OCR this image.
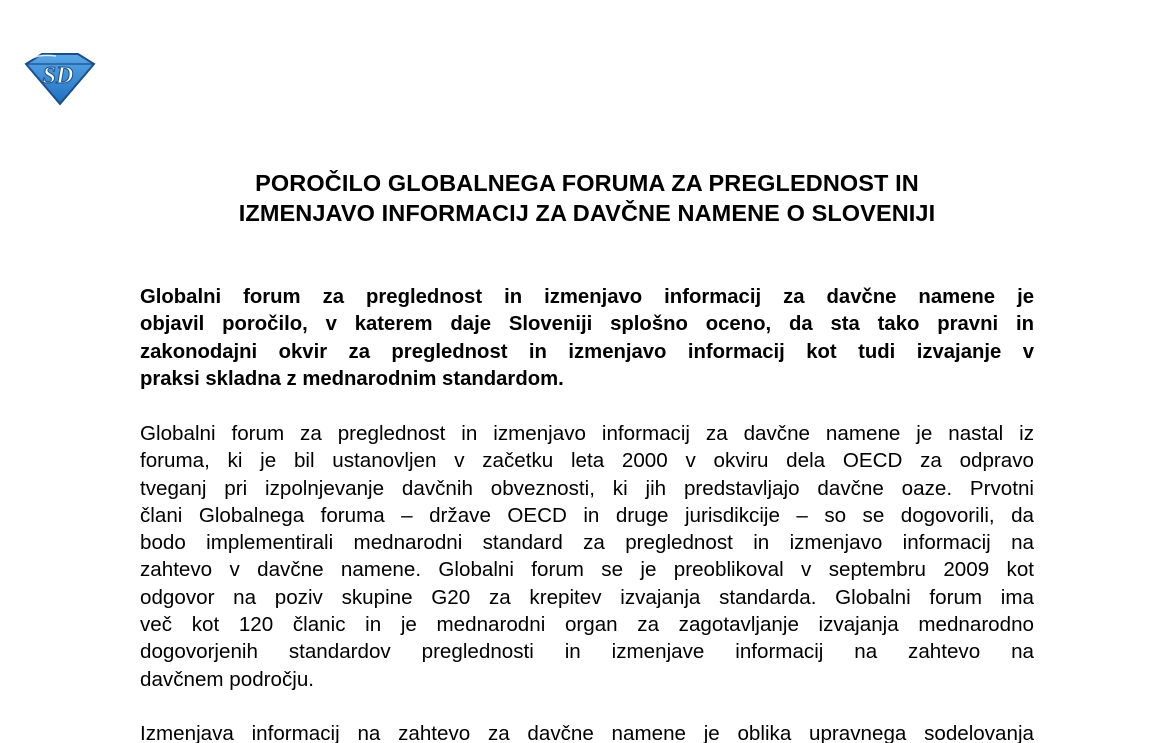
SD
POROČILO GLOBALNEGA FORUMA ZA PREGLEDNOST IN
IZMENJAVO INFORMACIJ ZA DAVČNE NAMENE O SLOVENIJI

Globalni forum za preglednost in izmenjavo informacij za davčne namene je
objavil poročilo, v katerem daje Sloveniji splošno oceno, da sta tako pravni in
zakonodajni okvir za preglednost in izmenjavo informacij kot tudi izvajanje v
praksi skladna z mednarodnim standardom.

Globalni forum za preglednost in izmenjavo informacij za davčne namene je nastal iz
foruma, ki je bil ustanovljen v začetku leta 2000 v okviru dela OECD za odpravo
tveganj pri izpolnjevanje davčnih obveznosti, ki jih predstavljajo davčne oaze. Prvotni
člani Globalnega foruma – države OECD in druge jurisdikcije – so se dogovorili, da
bodo implementirali mednarodni standard za preglednost in izmenjavo informacij na
zahtevo v davčne namene. Globalni forum se je preoblikoval v septembru 2009 kot
odgovor na poziv skupine G20 za krepitev izvajanja standarda. Globalni forum ima
več kot 120 članic in je mednarodni organ za zagotavljanje izvajanja mednarodno
dogovorjenih standardov preglednosti in izmenjave informacij na zahtevo na
davčnem področju.

Izmenjava informacij na zahtevo za davčne namene je oblika upravnega sodelovanja
